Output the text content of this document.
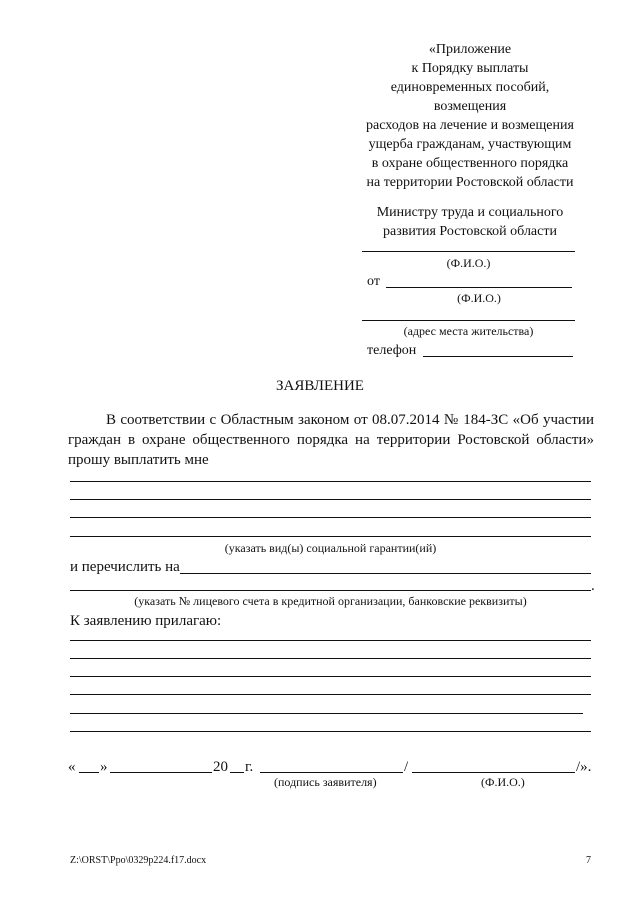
«Приложение
к Порядку выплаты
единовременных пособий,
возмещения
расходов на лечение и возмещения
ущерба гражданам, участвующим
в охране общественного порядка
на территории Ростовской области
Министру труда и социального
развития Ростовской области
(Ф.И.О.)
от
(Ф.И.О.)
(адрес места жительства)
телефон
ЗАЯВЛЕНИЕ
В соответствии с Областным законом от 08.07.2014 № 184-ЗС «Об участии граждан в охране общественного порядка на территории Ростовской области» прошу выплатить мне
(указать вид(ы) социальной гарантии(ий)
и перечислить на
.
(указать № лицевого счета в кредитной организации, банковские реквизиты)
К заявлению прилагаю:
« »	20 г.	/	/».
(подпись заявителя)	(Ф.И.О.)
Z:\ORST\Ppo\0329p224.f17.docx	7
